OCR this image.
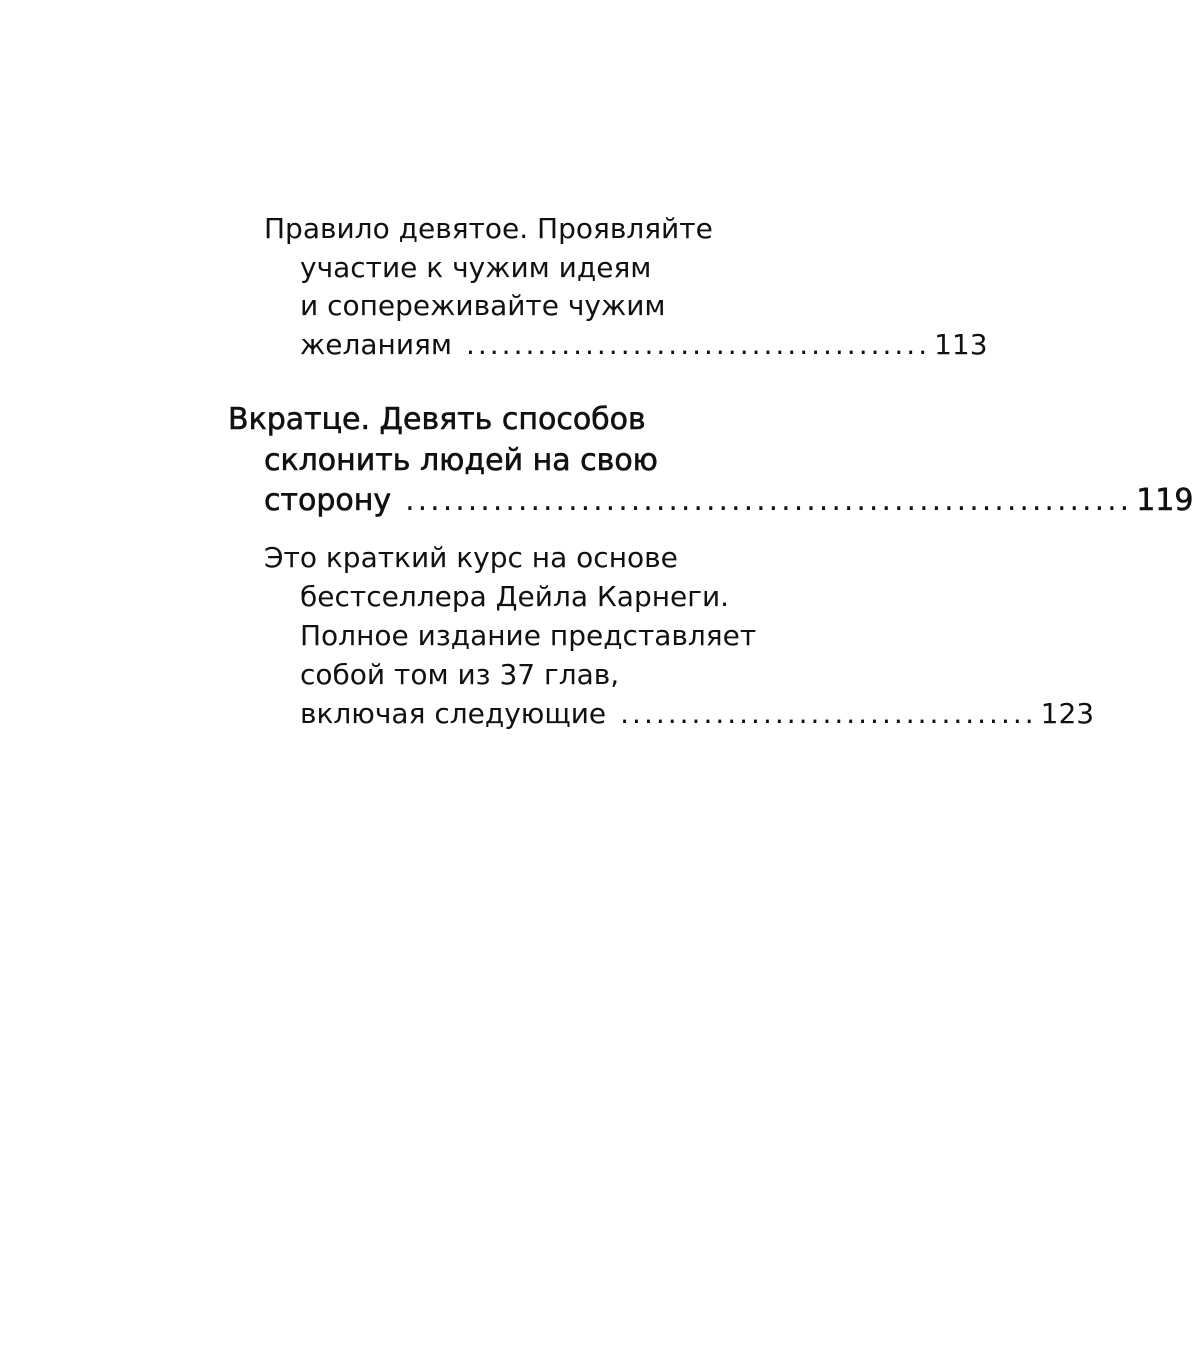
Правило девятое. Проявляйте
участие к чужим идеям
и сопереживайте чужим
желаниям ....................................... 113
Вкратце. Девять способов
склонить людей на свою
сторону .......................................................... 119
Это краткий курс на основе
бестселлера Дейла Карнеги.
Полное издание представляет
собой том из 37 глав,
включая следующие ................................... 123
